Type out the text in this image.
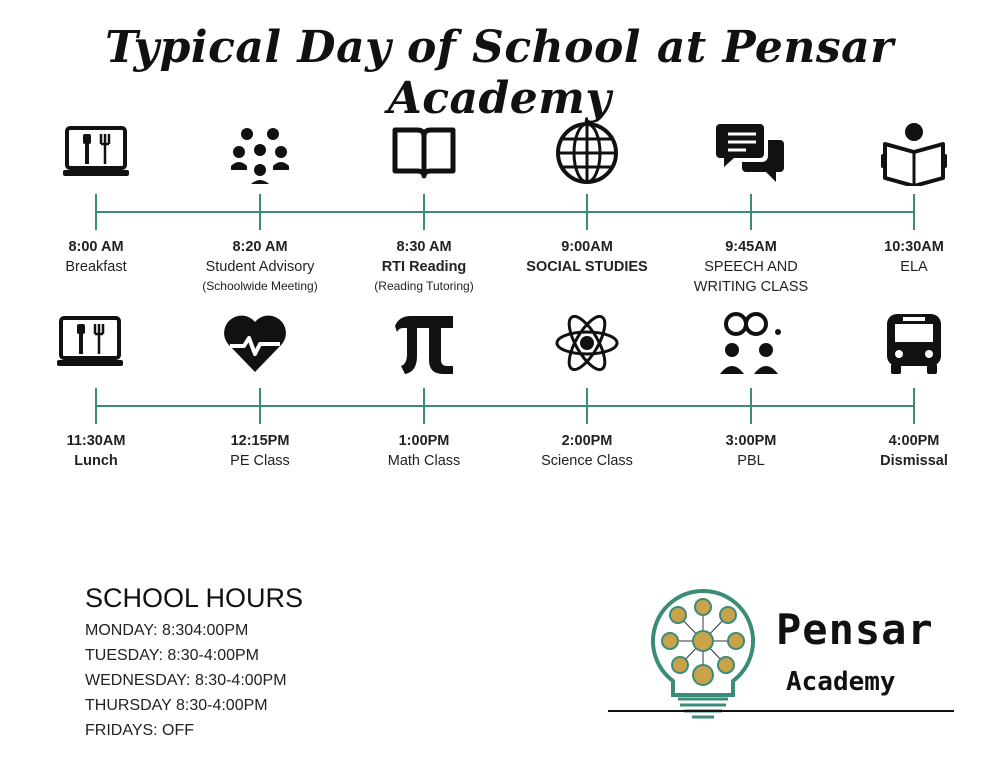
Typical Day of School at Pensar Academy
8:00 AM
Breakfast
8:20 AM
Student Advisory
(Schoolwide Meeting)
8:30 AM
RTI Reading
(Reading Tutoring)
9:00AM
SOCIAL STUDIES
9:45AM
SPEECH AND WRITING CLASS
10:30AM
ELA
11:30AM
Lunch
12:15PM
PE Class
1:00PM
Math Class
2:00PM
Science Class
3:00PM
PBL
4:00PM
Dismissal
SCHOOL HOURS
MONDAY: 8:304:00PM
TUESDAY: 8:30-4:00PM
WEDNESDAY: 8:30-4:00PM
THURSDAY 8:30-4:00PM
FRIDAYS: OFF
Pensar
Academy
